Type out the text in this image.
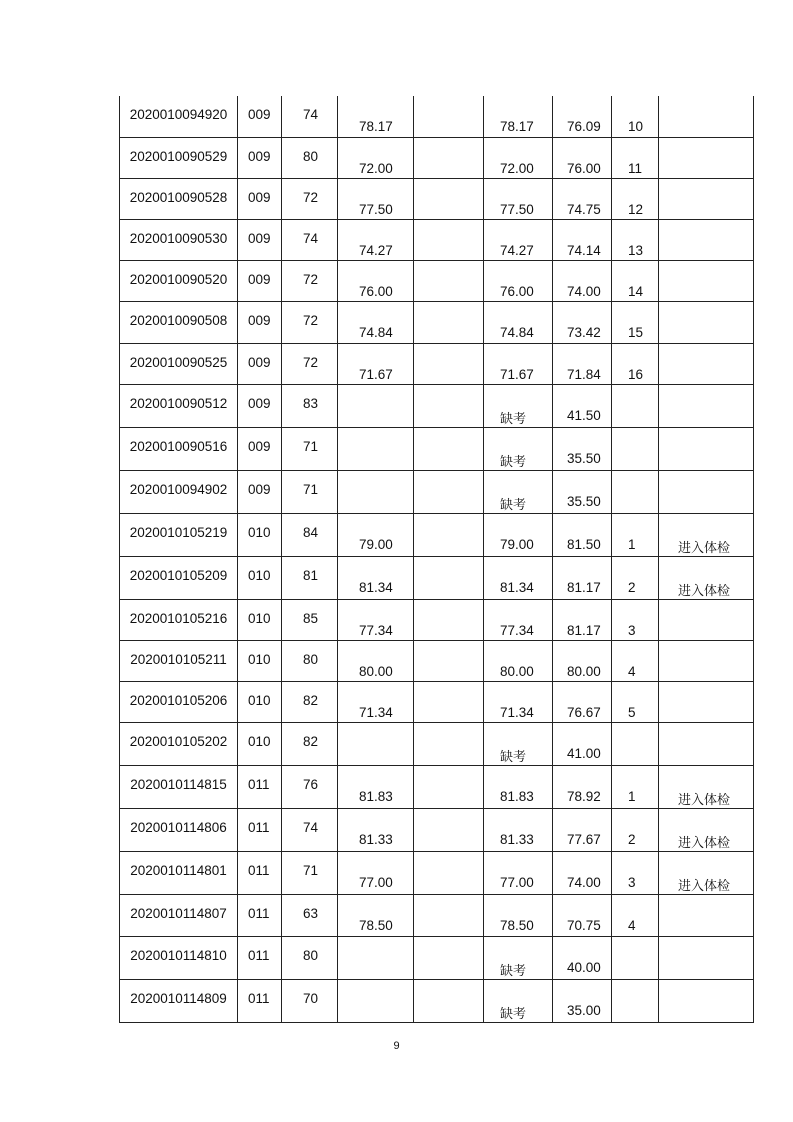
2020010094920	009	74	78.17		78.17	76.09	10	
2020010090529	009	80	72.00		72.00	76.00	11	
2020010090528	009	72	77.50		77.50	74.75	12	
2020010090530	009	74	74.27		74.27	74.14	13	
2020010090520	009	72	76.00		76.00	74.00	14	
2020010090508	009	72	74.84		74.84	73.42	15	
2020010090525	009	72	71.67		71.67	71.84	16	
2020010090512	009	83			缺考	41.50		
2020010090516	009	71			缺考	35.50		
2020010094902	009	71			缺考	35.50		
2020010105219	010	84	79.00		79.00	81.50	1	进入体检
2020010105209	010	81	81.34		81.34	81.17	2	进入体检
2020010105216	010	85	77.34		77.34	81.17	3	
2020010105211	010	80	80.00		80.00	80.00	4	
2020010105206	010	82	71.34		71.34	76.67	5	
2020010105202	010	82			缺考	41.00		
2020010114815	011	76	81.83		81.83	78.92	1	进入体检
2020010114806	011	74	81.33		81.33	77.67	2	进入体检
2020010114801	011	71	77.00		77.00	74.00	3	进入体检
2020010114807	011	63	78.50		78.50	70.75	4	
2020010114810	011	80			缺考	40.00		
2020010114809	011	70			缺考	35.00		
9
